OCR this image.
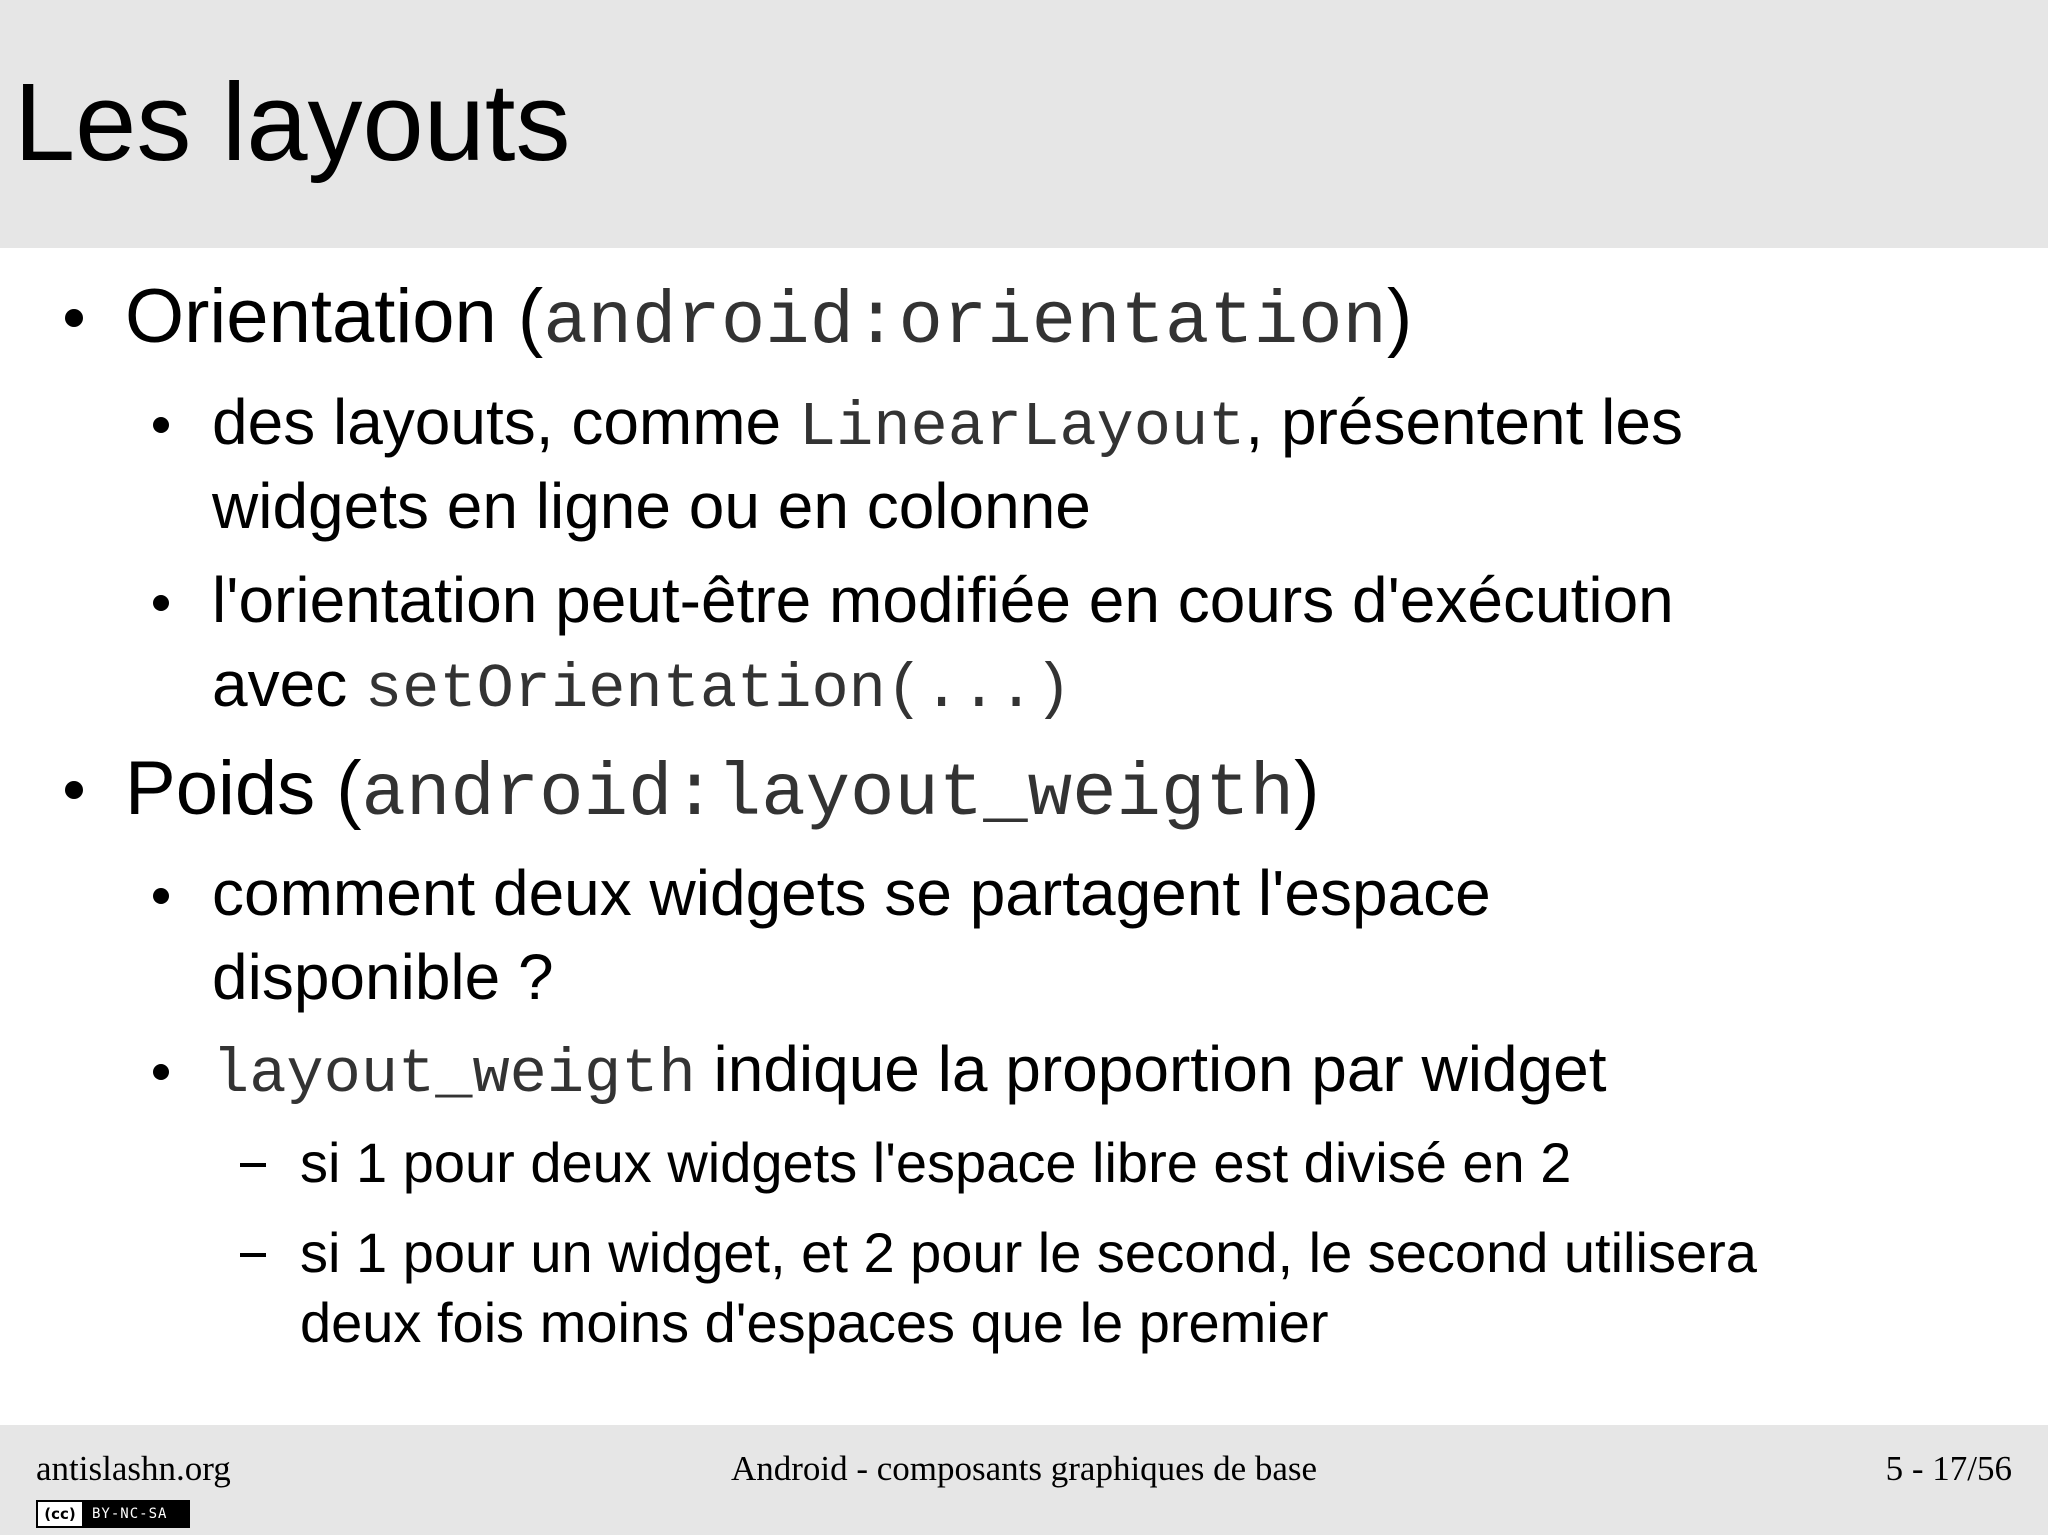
Les layouts
Orientation (android:orientation)
des layouts, comme LinearLayout, présentent les
widgets en ligne ou en colonne
l'orientation peut-être modifiée en cours d'exécution
avec setOrientation(...)
Poids (android:layout_weigth)
comment deux widgets se partagent l'espace
disponible ?
layout_weigth indique la proportion par widget
si 1 pour deux widgets l'espace libre est divisé en 2
si 1 pour un widget, et 2 pour le second, le second utilisera
deux fois moins d'espaces que le premier
antislashn.org	Android - composants graphiques de base	5 - 17/56
(cc)	BY-NC-SA
